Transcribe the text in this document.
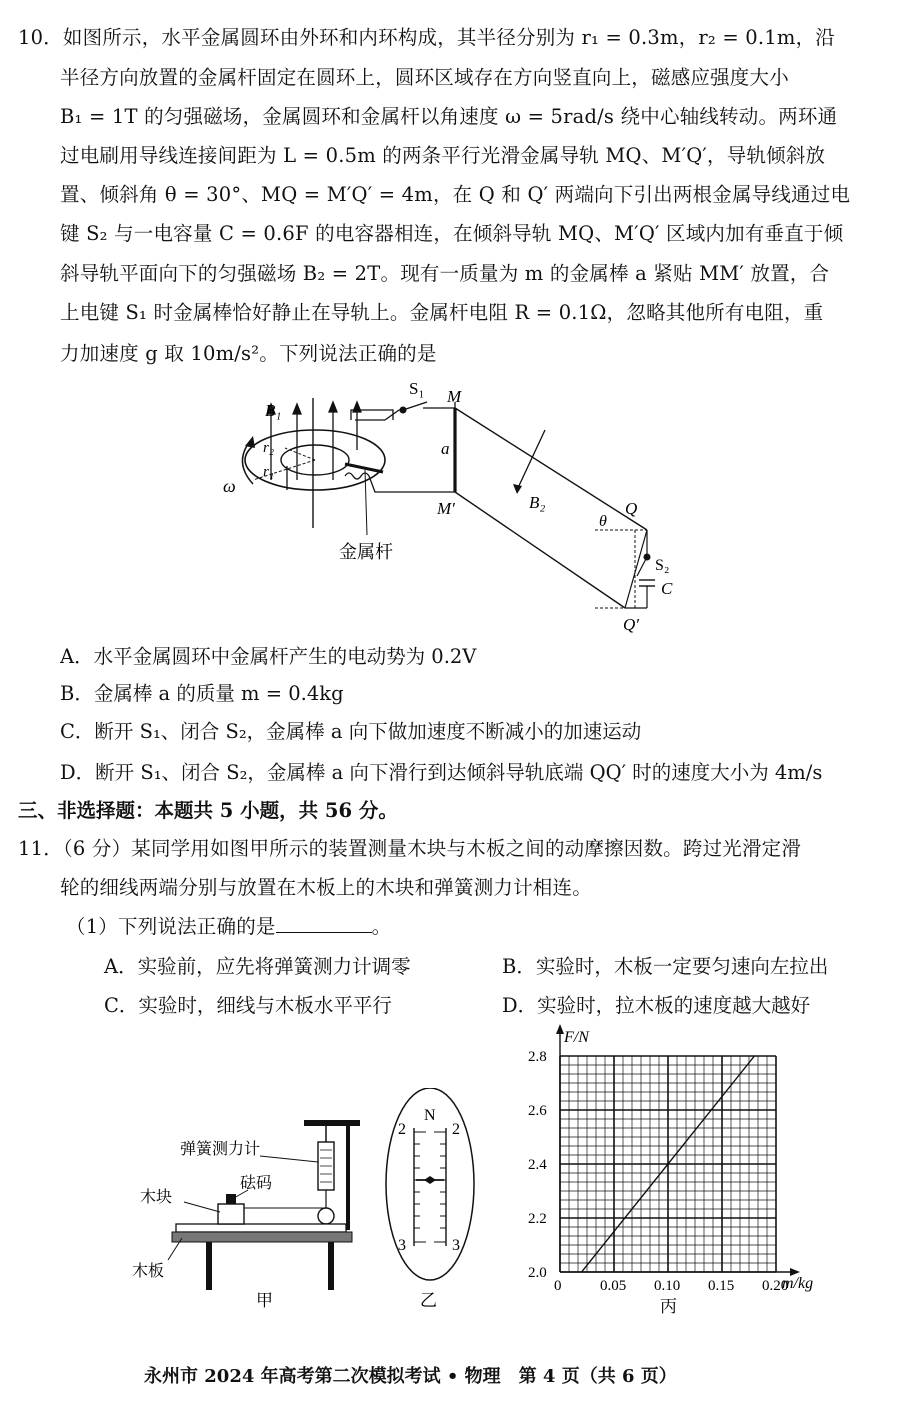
10．如图所示，水平金属圆环由外环和内环构成，其半径分别为 r₁ = 0.3m，r₂ = 0.1m，沿
半径方向放置的金属杆固定在圆环上，圆环区域存在方向竖直向上，磁感应强度大小
B₁ = 1T 的匀强磁场，金属圆环和金属杆以角速度 ω = 5rad/s 绕中心轴线转动。两环通
过电刷用导线连接间距为 L = 0.5m 的两条平行光滑金属导轨 MQ、M′Q′，导轨倾斜放
置、倾斜角 θ = 30°、MQ = M′Q′ = 4m，在 Q 和 Q′ 两端向下引出两根金属导线通过电
键 S₂ 与一电容量 C = 0.6F 的电容器相连，在倾斜导轨 MQ、M′Q′ 区域内加有垂直于倾
斜导轨平面向下的匀强磁场 B₂ = 2T。现有一质量为 m 的金属棒 a 紧贴 MM′ 放置，合
上电键 S₁ 时金属棒恰好静止在导轨上。金属杆电阻 R = 0.1Ω，忽略其他所有电阻，重
力加速度 g 取 10m/s²。下列说法正确的是
B₁
r₂
r₁
ω
S₁ M
a
M′	B₂	Q
θ
S₂
C
Q′
金属杆
A．水平金属圆环中金属杆产生的电动势为 0.2V
B．金属棒 a 的质量 m = 0.4kg
C．断开 S₁、闭合 S₂，金属棒 a 向下做加速度不断减小的加速运动
D．断开 S₁、闭合 S₂，金属棒 a 向下滑行到达倾斜导轨底端 QQ′ 时的速度大小为 4m/s
三、非选择题：本题共 5 小题，共 56 分。
11．（6 分）某同学用如图甲所示的装置测量木块与木板之间的动摩擦因数。跨过光滑定滑
轮的细线两端分别与放置在木板上的木块和弹簧测力计相连。
（1）下列说法正确的是	。
A．实验前，应先将弹簧测力计调零	B．实验时，木板一定要匀速向左拉出
C．实验时，细线与木板水平平行	D．实验时，拉木板的速度越大越好
弹簧测力计
木块
砝码
木板
甲
N
2	2
3	3
乙
F/N
m/kg
丙
0	0.05 0.10 0.15 0.20
2.0
2.2
2.4
2.6
2.8
永州市 2024 年高考第二次模拟考试 • 物理　第 4 页（共 6 页）
